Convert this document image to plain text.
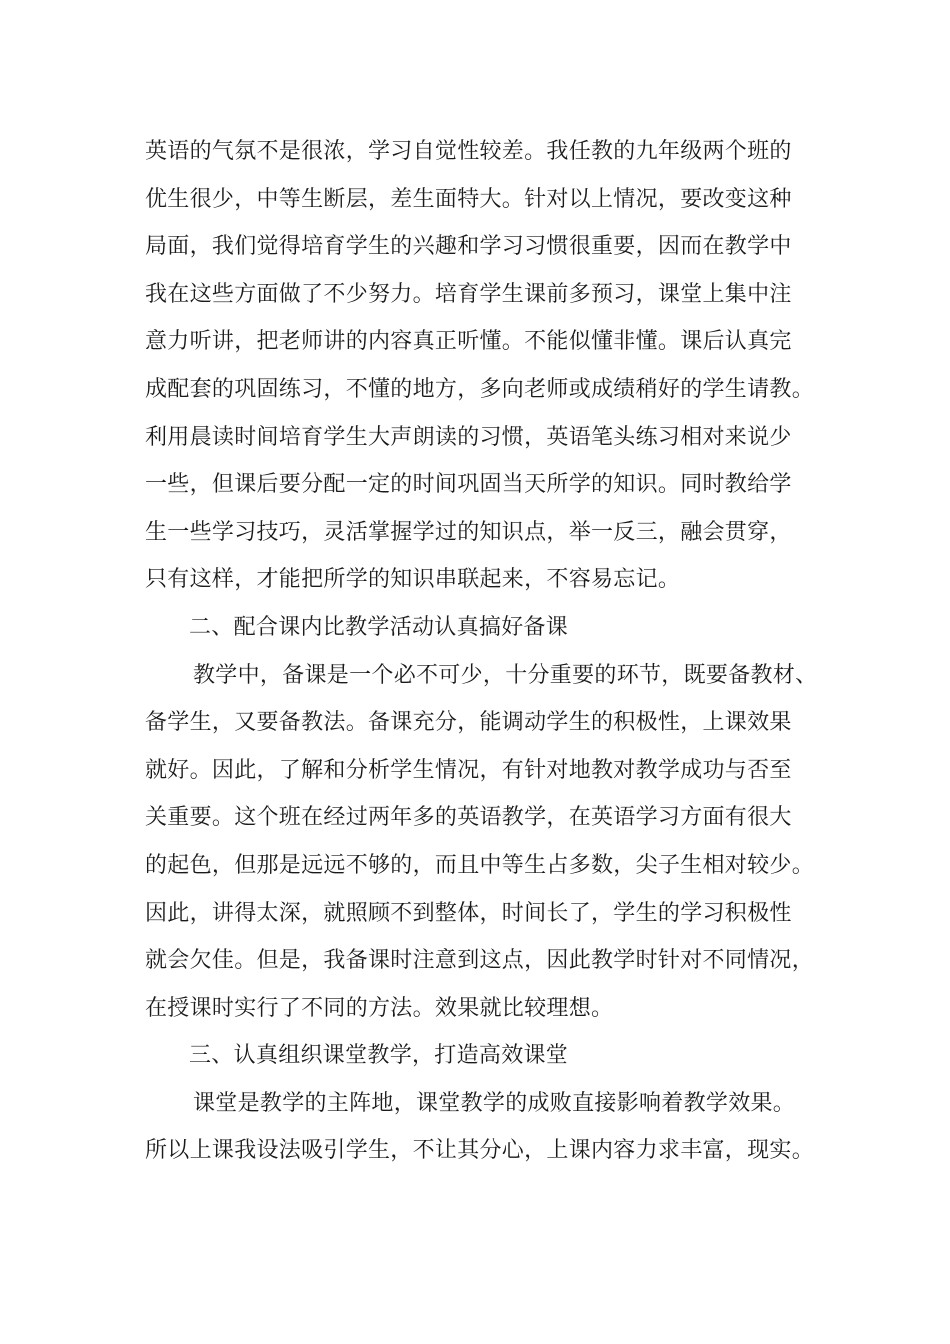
英语的气氛不是很浓，学习自觉性较差。我任教的九年级两个班的
优生很少，中等生断层，差生面特大。针对以上情况，要改变这种
局面，我们觉得培育学生的兴趣和学习习惯很重要，因而在教学中
我在这些方面做了不少努力。培育学生课前多预习，课堂上集中注
意力听讲，把老师讲的内容真正听懂。不能似懂非懂。课后认真完
成配套的巩固练习，不懂的地方，多向老师或成绩稍好的学生请教。
利用晨读时间培育学生大声朗读的习惯，英语笔头练习相对来说少
一些，但课后要分配一定的时间巩固当天所学的知识。同时教给学
生一些学习技巧，灵活掌握学过的知识点，举一反三，融会贯穿，
只有这样，才能把所学的知识串联起来，不容易忘记。
二、配合课内比教学活动认真搞好备课
教学中，备课是一个必不可少，十分重要的环节，既要备教材、
备学生，又要备教法。备课充分，能调动学生的积极性，上课效果
就好。因此，了解和分析学生情况，有针对地教对教学成功与否至
关重要。这个班在经过两年多的英语教学，在英语学习方面有很大
的起色，但那是远远不够的，而且中等生占多数，尖子生相对较少。
因此，讲得太深，就照顾不到整体，时间长了，学生的学习积极性
就会欠佳。但是，我备课时注意到这点，因此教学时针对不同情况，
在授课时实行了不同的方法。效果就比较理想。
三、认真组织课堂教学，打造高效课堂
课堂是教学的主阵地，课堂教学的成败直接影响着教学效果。
所以上课我设法吸引学生，不让其分心，上课内容力求丰富，现实。
